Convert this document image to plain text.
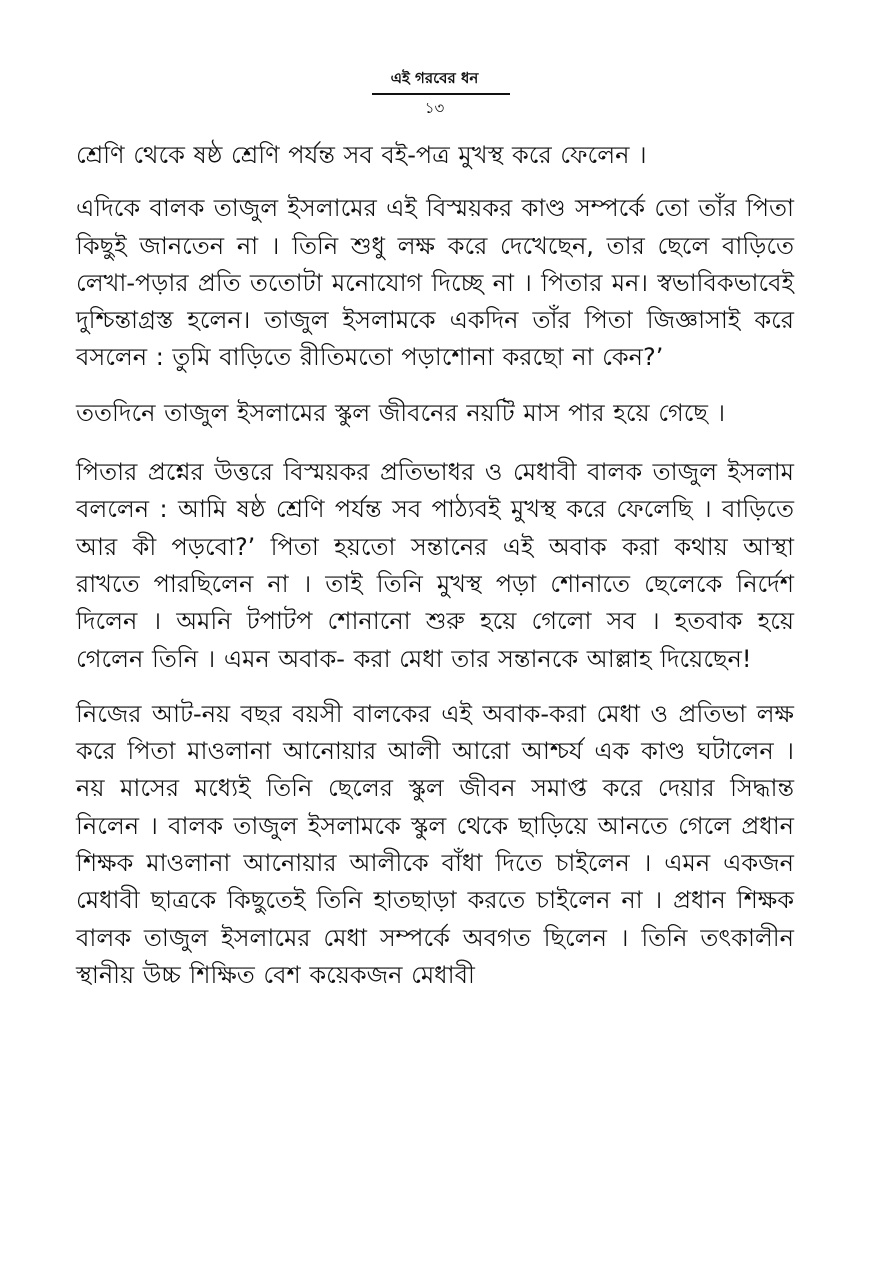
এই গরবের ধন
১৩

শ্রেণি থেকে ষষ্ঠ শ্রেণি পর্যন্ত সব বই-পত্র মুখস্থ করে ফেলেন ।

এদিকে বালক তাজুল ইসলামের এই বিস্ময়কর কাণ্ড সম্পর্কে তো তাঁর পিতা কিছুই জানতেন না । তিনি শুধু লক্ষ করে দেখেছেন, তার ছেলে বাড়িতে লেখা-পড়ার প্রতি ততোটা মনোযোগ দিচ্ছে না । পিতার মন। স্বভাবিকভাবেই দুশ্চিন্তাগ্রস্ত হলেন। তাজুল ইসলামকে একদিন তাঁর পিতা জিজ্ঞাসাই করে বসলেন : তুমি বাড়িতে রীতিমতো পড়াশোনা করছো না কেন?’

ততদিনে তাজুল ইসলামের স্কুল জীবনের নয়টি মাস পার হয়ে গেছে ।

পিতার প্রশ্নের উত্তরে বিস্ময়কর প্রতিভাধর ও মেধাবী বালক তাজুল ইসলাম বললেন : আমি ষষ্ঠ শ্রেণি পর্যন্ত সব পাঠ্যবই মুখস্থ করে ফেলেছি । বাড়িতে আর কী পড়বো?’ পিতা হয়তো সন্তানের এই অবাক করা কথায় আস্থা রাখতে পারছিলেন না । তাই তিনি মুখস্থ পড়া শোনাতে ছেলেকে নির্দেশ দিলেন । অমনি টপাটপ শোনানো শুরু হয়ে গেলো সব । হতবাক হয়ে গেলেন তিনি । এমন অবাক- করা মেধা তার সন্তানকে আল্লাহ দিয়েছেন!

নিজের আট-নয় বছর বয়সী বালকের এই অবাক-করা মেধা ও প্রতিভা লক্ষ করে পিতা মাওলানা আনোয়ার আলী আরো আশ্চর্য এক কাণ্ড ঘটালেন । নয় মাসের মধ্যেই তিনি ছেলের স্কুল জীবন সমাপ্ত করে দেয়ার সিদ্ধান্ত নিলেন । বালক তাজুল ইসলামকে স্কুল থেকে ছাড়িয়ে আনতে গেলে প্রধান শিক্ষক মাওলানা আনোয়ার আলীকে বাঁধা দিতে চাইলেন । এমন একজন মেধাবী ছাত্রকে কিছুতেই তিনি হাতছাড়া করতে চাইলেন না । প্রধান শিক্ষক বালক তাজুল ইসলামের মেধা সম্পর্কে অবগত ছিলেন । তিনি তৎকালীন স্থানীয় উচ্চ শিক্ষিত বেশ কয়েকজন মেধাবী
